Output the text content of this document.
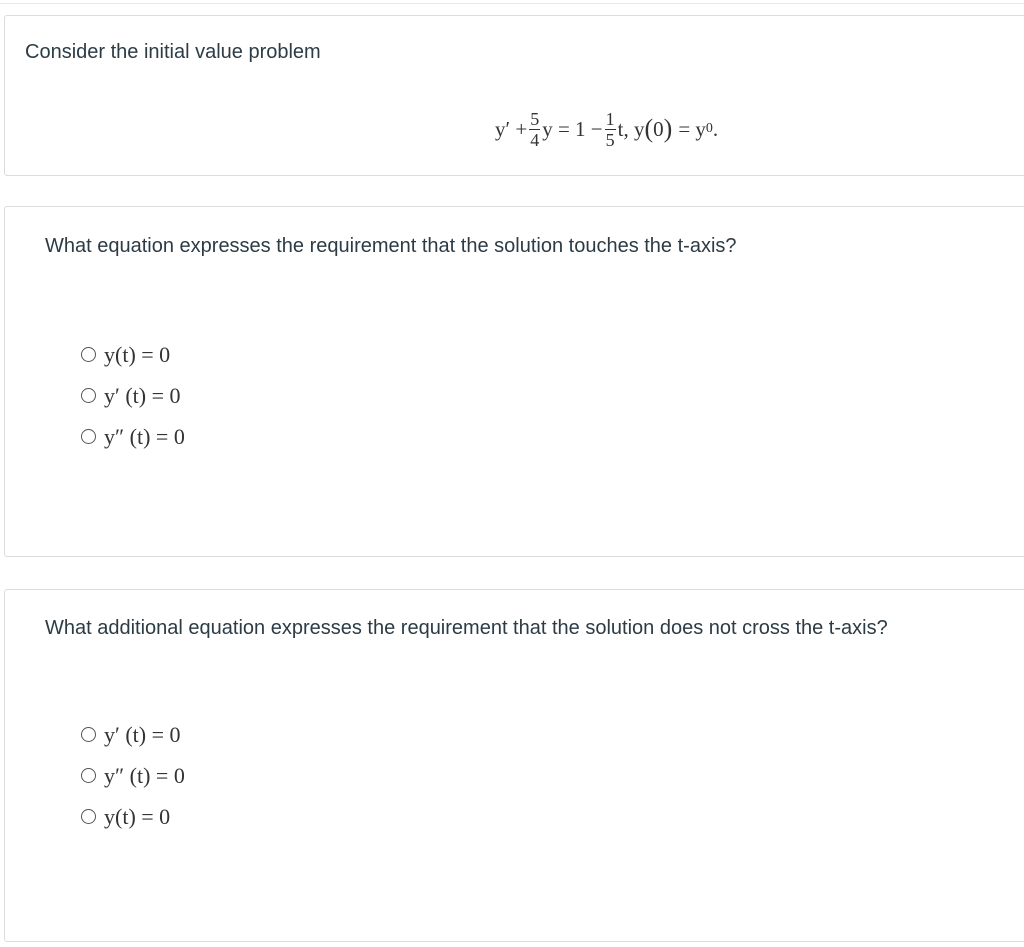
Consider the initial value problem
$y' + \frac{5}{4}$ $y = 1 - \frac{1}{5} t$, y ( 0 ) = y 0 .
What equation expresses the requirement that the solution touches the t-axis?
y(t) = 0
y′ (t) = 0
y″ (t) = 0
What additional equation expresses the requirement that the solution does not cross the t-axis?
y′ (t) = 0
y″ (t) = 0
y(t) = 0
